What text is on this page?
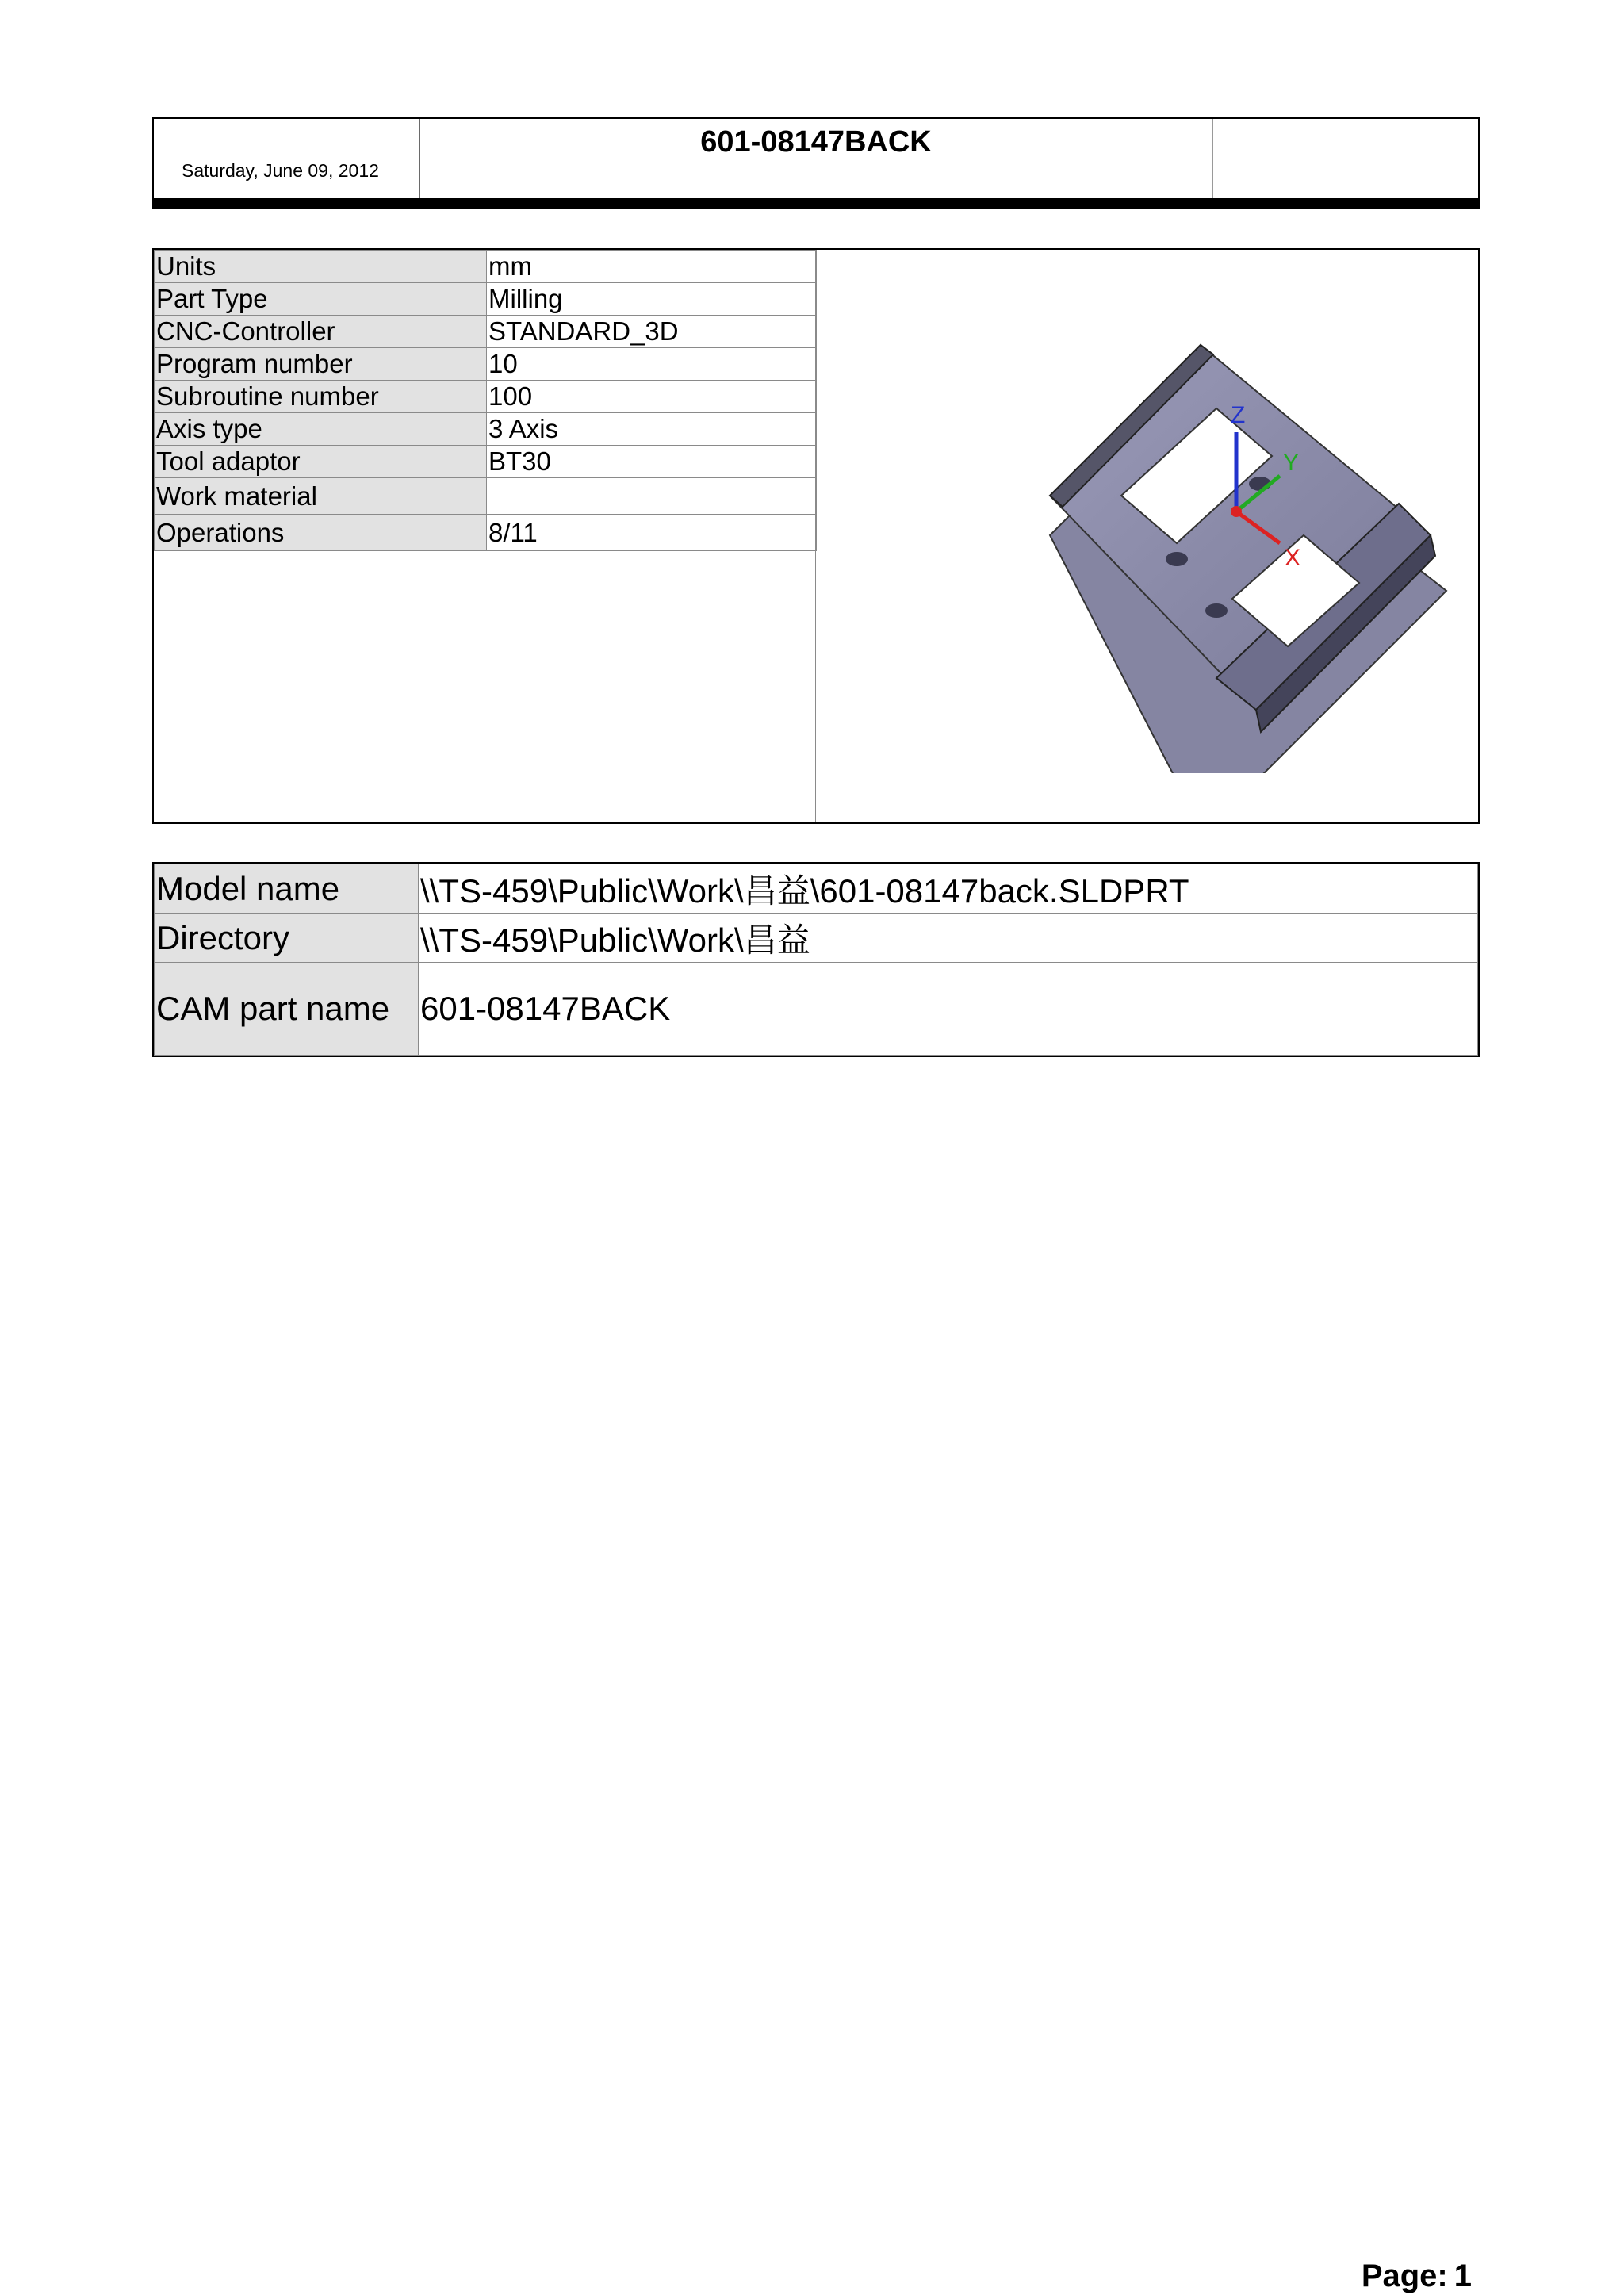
Saturday, June 09, 2012
601-08147BACK
Units	mm
Part Type	Milling
CNC-Controller	STANDARD_3D
Program number	10
Subroutine number	100
Axis type	3 Axis
Tool adaptor	BT30
Work material	
Operations	8/11
Z
Y
X
Model name	\\TS-459\Public\Work\昌益\601-08147back.SLDPRT
Directory	\\TS-459\Public\Work\昌益
CAM part name	601-08147BACK
Page: 1
